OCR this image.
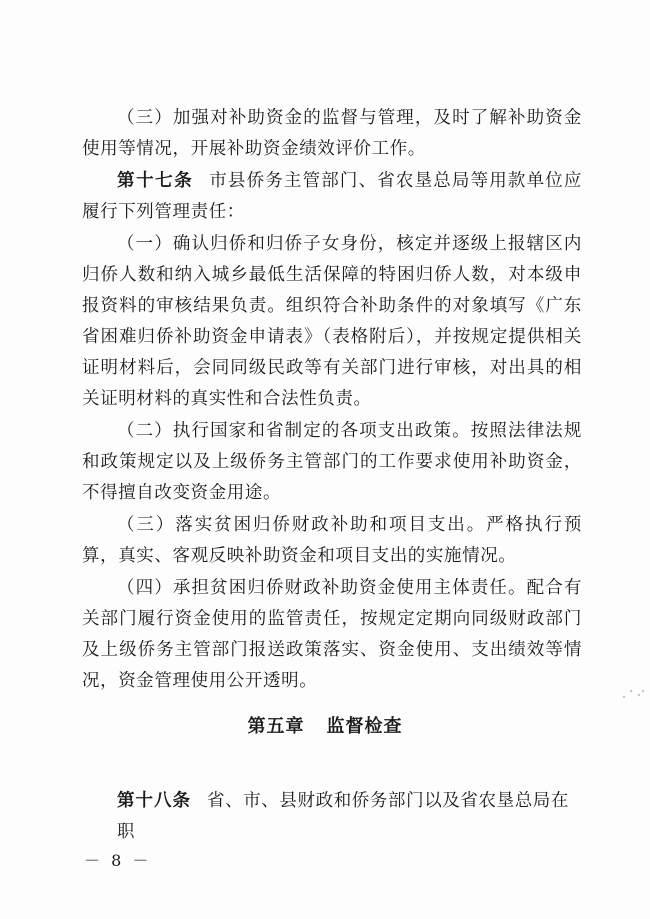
（三）加强对补助资金的监督与管理，及时了解补助资金使用等情况，开展补助资金绩效评价工作。

第十七条 市县侨务主管部门、省农垦总局等用款单位应履行下列管理责任：

（一）确认归侨和归侨子女身份，核定并逐级上报辖区内归侨人数和纳入城乡最低生活保障的特困归侨人数，对本级申报资料的审核结果负责。组织符合补助条件的对象填写《广东省困难归侨补助资金申请表》（表格附后），并按规定提供相关证明材料后，会同同级民政等有关部门进行审核，对出具的相关证明材料的真实性和合法性负责。

（二）执行国家和省制定的各项支出政策。按照法律法规和政策规定以及上级侨务主管部门的工作要求使用补助资金，不得擅自改变资金用途。

（三）落实贫困归侨财政补助和项目支出。严格执行预算，真实、客观反映补助资金和项目支出的实施情况。

（四）承担贫困归侨财政补助资金使用主体责任。配合有关部门履行资金使用的监管责任，按规定定期向同级财政部门及上级侨务主管部门报送政策落实、资金使用、支出绩效等情况，资金管理使用公开透明。

第五章 监督检查
第十八条 省、市、县财政和侨务部门以及省农垦总局在职
－ 8 －
